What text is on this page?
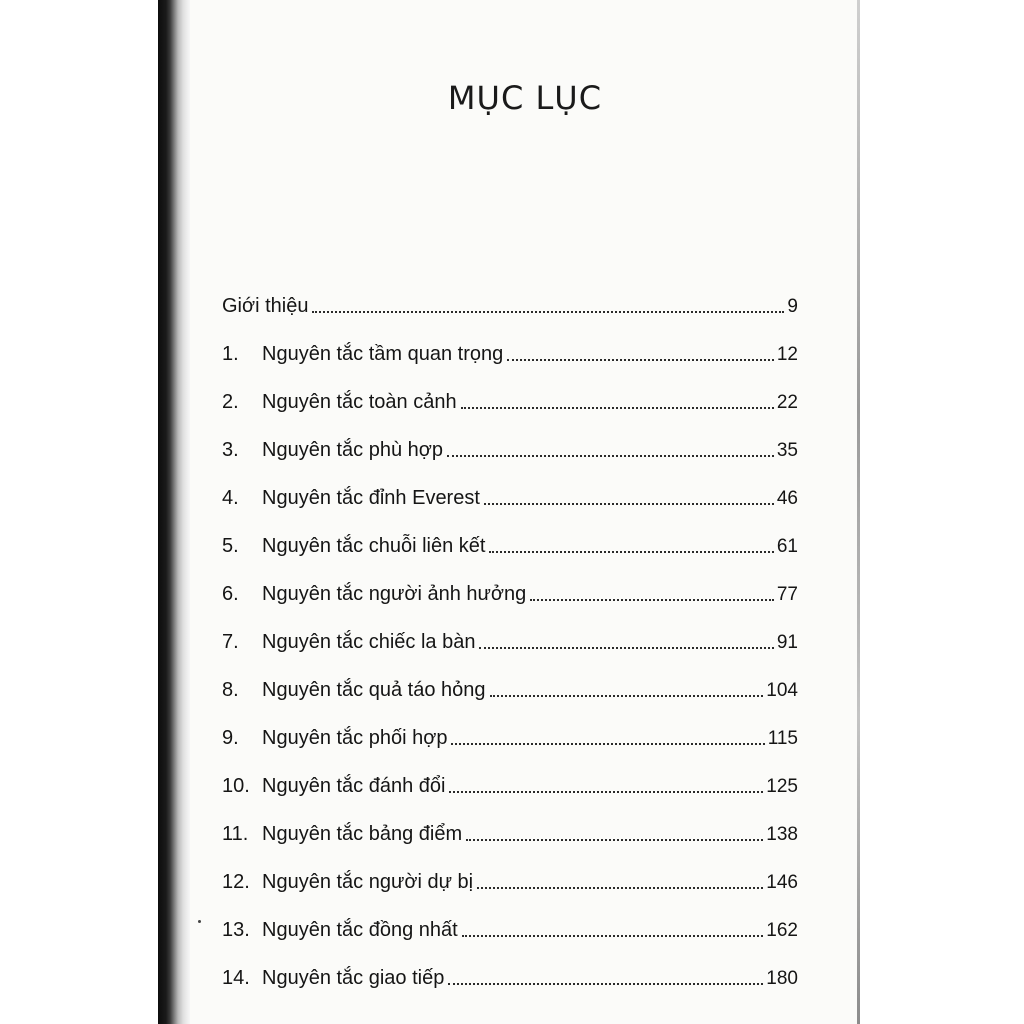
MỤC LỤC
Giới thiệu	9
1.	Nguyên tắc tầm quan trọng	12
2.	Nguyên tắc toàn cảnh	22
3.	Nguyên tắc phù hợp	35
4.	Nguyên tắc đỉnh Everest	46
5.	Nguyên tắc chuỗi liên kết	61
6.	Nguyên tắc người ảnh hưởng	77
7.	Nguyên tắc chiếc la bàn	91
8.	Nguyên tắc quả táo hỏng	104
9.	Nguyên tắc phối hợp	115
10. Nguyên tắc đánh đổi	125
11. Nguyên tắc bảng điểm	138
12. Nguyên tắc người dự bị	146
13. Nguyên tắc đồng nhất	162
14. Nguyên tắc giao tiếp	180
